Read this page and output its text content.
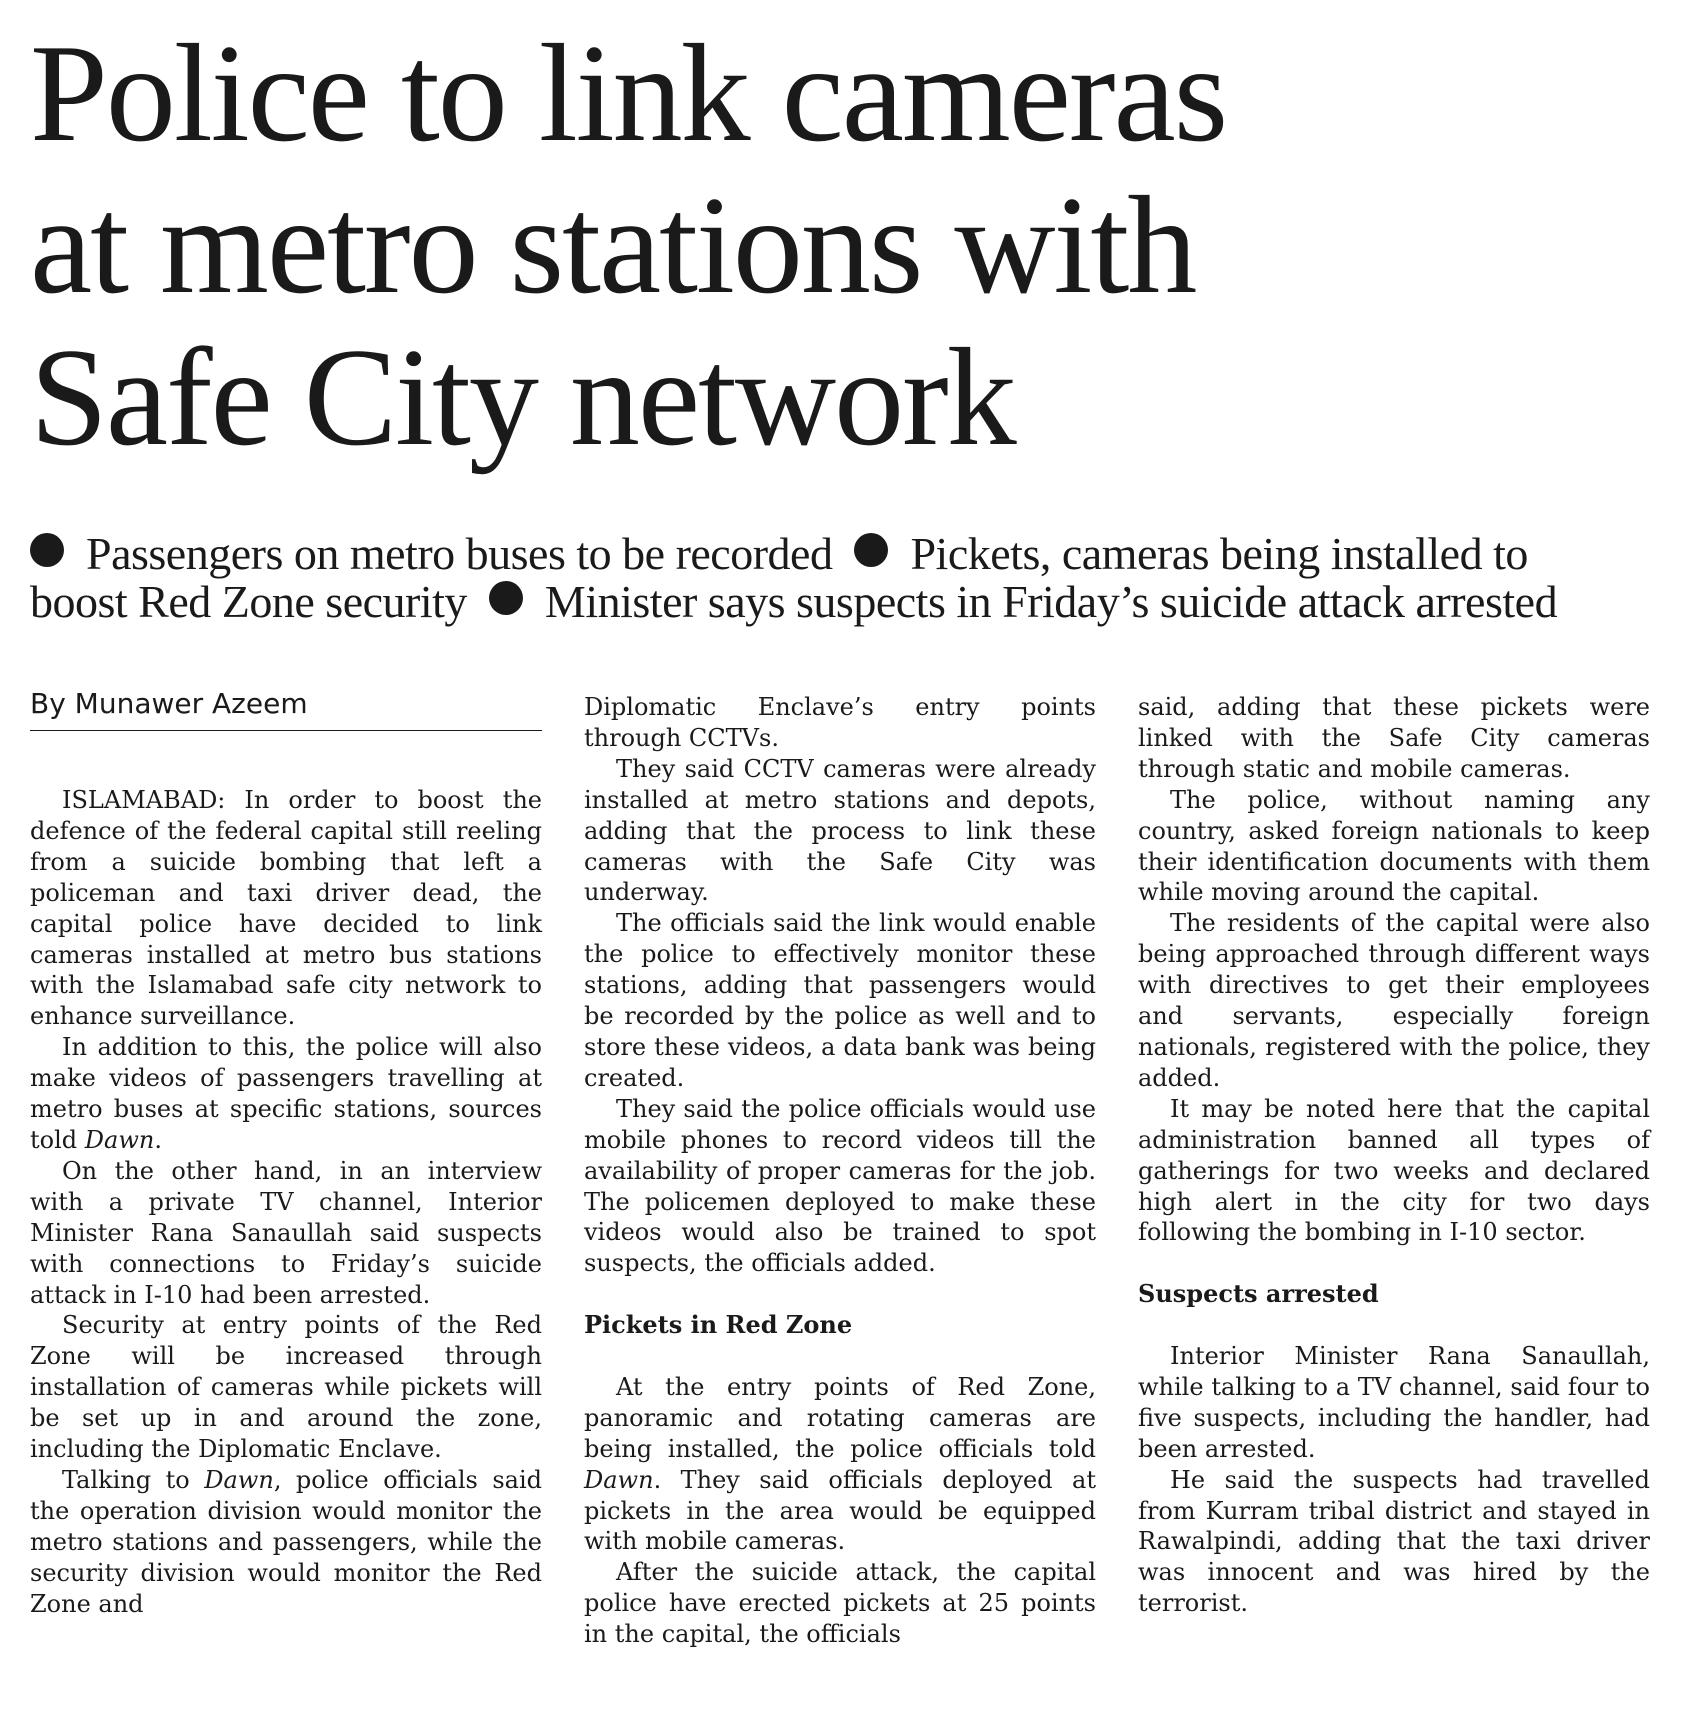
Police to link cameras
at metro stations with
Safe City network
Passengers on metro buses to be recorded Pickets, cameras being installed to
boost Red Zone security Minister says suspects in Friday’s suicide attack arrested
By Munawer Azeem

ISLAMABAD: In order to boost the defence of the federal capital still reeling from a suicide bombing that left a policeman and taxi driver dead, the capital police have decided to link cameras installed at metro bus stations with the Islamabad safe city network to enhance surveillance.

In addition to this, the police will also make videos of passengers travelling at metro buses at specific stations, sources told Dawn.

On the other hand, in an interview with a private TV channel, Interior Minister Rana Sanaullah said suspects with connections to Friday’s suicide attack in I-10 had been arrested.

Security at entry points of the Red Zone will be increased through installation of cameras while pickets will be set up in and around the zone, including the Diplomatic Enclave.

Talking to Dawn, police officials said the operation division would monitor the metro stations and passengers, while the security division would monitor the Red Zone and

Diplomatic Enclave’s entry points through CCTVs.

They said CCTV cameras were already installed at metro stations and depots, adding that the process to link these cameras with the Safe City was underway.

The officials said the link would enable the police to effectively monitor these stations, adding that passengers would be recorded by the police as well and to store these videos, a data bank was being created.

They said the police officials would use mobile phones to record videos till the availability of proper cameras for the job. The policemen deployed to make these videos would also be trained to spot suspects, the officials added.

Pickets in Red Zone

At the entry points of Red Zone, panoramic and rotating cameras are being installed, the police officials told Dawn. They said officials deployed at pickets in the area would be equipped with mobile cameras.

After the suicide attack, the capital police have erected pickets at 25 points in the capital, the officials

said, adding that these pickets were linked with the Safe City cameras through static and mobile cameras.

The police, without naming any country, asked foreign nationals to keep their identification documents with them while moving around the capital.

The residents of the capital were also being approached through different ways with directives to get their employees and servants, especially foreign nationals, registered with the police, they added.

It may be noted here that the capital administration banned all types of gatherings for two weeks and declared high alert in the city for two days following the bombing in I-10 sector.

Suspects arrested

Interior Minister Rana Sanaullah, while talking to a TV channel, said four to five suspects, including the handler, had been arrested.

He said the suspects had travelled from Kurram tribal district and stayed in Rawalpindi, adding that the taxi driver was innocent and was hired by the terrorist.
